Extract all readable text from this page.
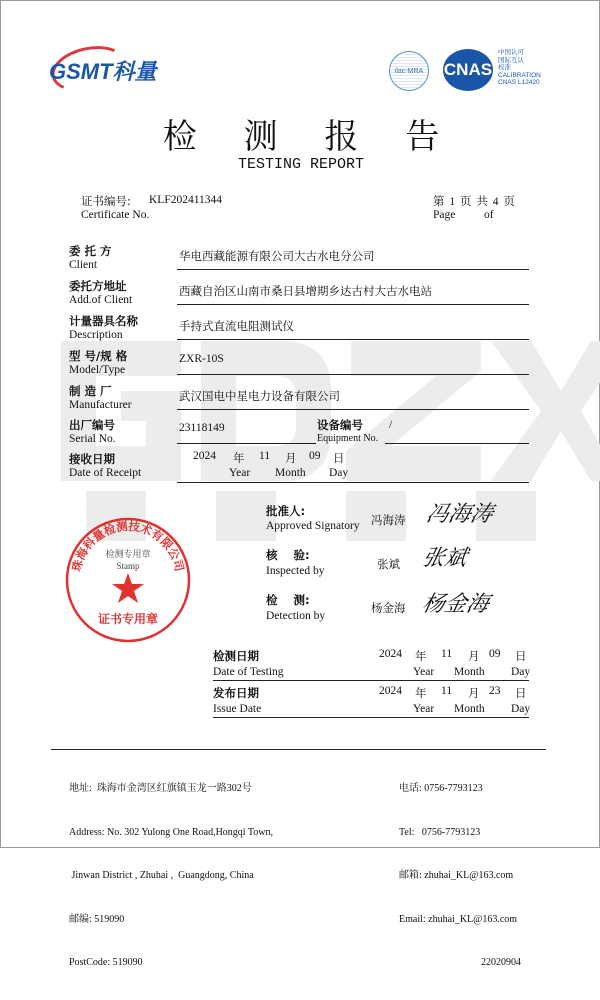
GSMT科量	ilac-MRA CNAS
中国认可
国际互认
校准
CALIBRATION
CNAS L12420
检 测 报 告
TESTING REPORT
证书编号: KLF202411344
Certificate No.
第 1 页 共 4 页
Page of
委 托 方
Client
华电西藏能源有限公司大古水电分公司
委托方地址
Add.of Client
西藏自治区山南市桑日县增期乡达古村大古水电站
计量器具名称
Description
手持式直流电阻测试仪
型 号/规 格
Model/Type
ZXR-10S
制 造 厂
Manufacturer
武汉国电中星电力设备有限公司
出厂编号
Serial No.
23118149	设备编号
Equipment No.
/
接收日期
Date of Receipt
2024 年 11 月 09 日
Year Month Day
批准人:
Approved Signatory 冯海涛 冯海涛
核    验:
Inspected by	张斌 张斌
检    测:
Detection by
杨金海 杨金海
珠海科量检测技术有限公司
检测专用章
Stamp
证书专用章
检测日期
Date of Testing
2024 年 11 月 09 日
Year Month Day
发布日期
Issue Date
2024 年 11 月 23 日
Year Month Day

地址:  珠海市金湾区红旗镇玉龙一路302号

Address: No. 302 Yulong One Road,Hongqi Town,

Jinwan District , Zhuhai ,  Guangdong, China

邮编: 519090

PostCode: 519090

电话: 0756-7793123

Tel:   0756-7793123

邮箱: zhuhai_KL@163.com

Email: zhuhai_KL@163.com

22020904
